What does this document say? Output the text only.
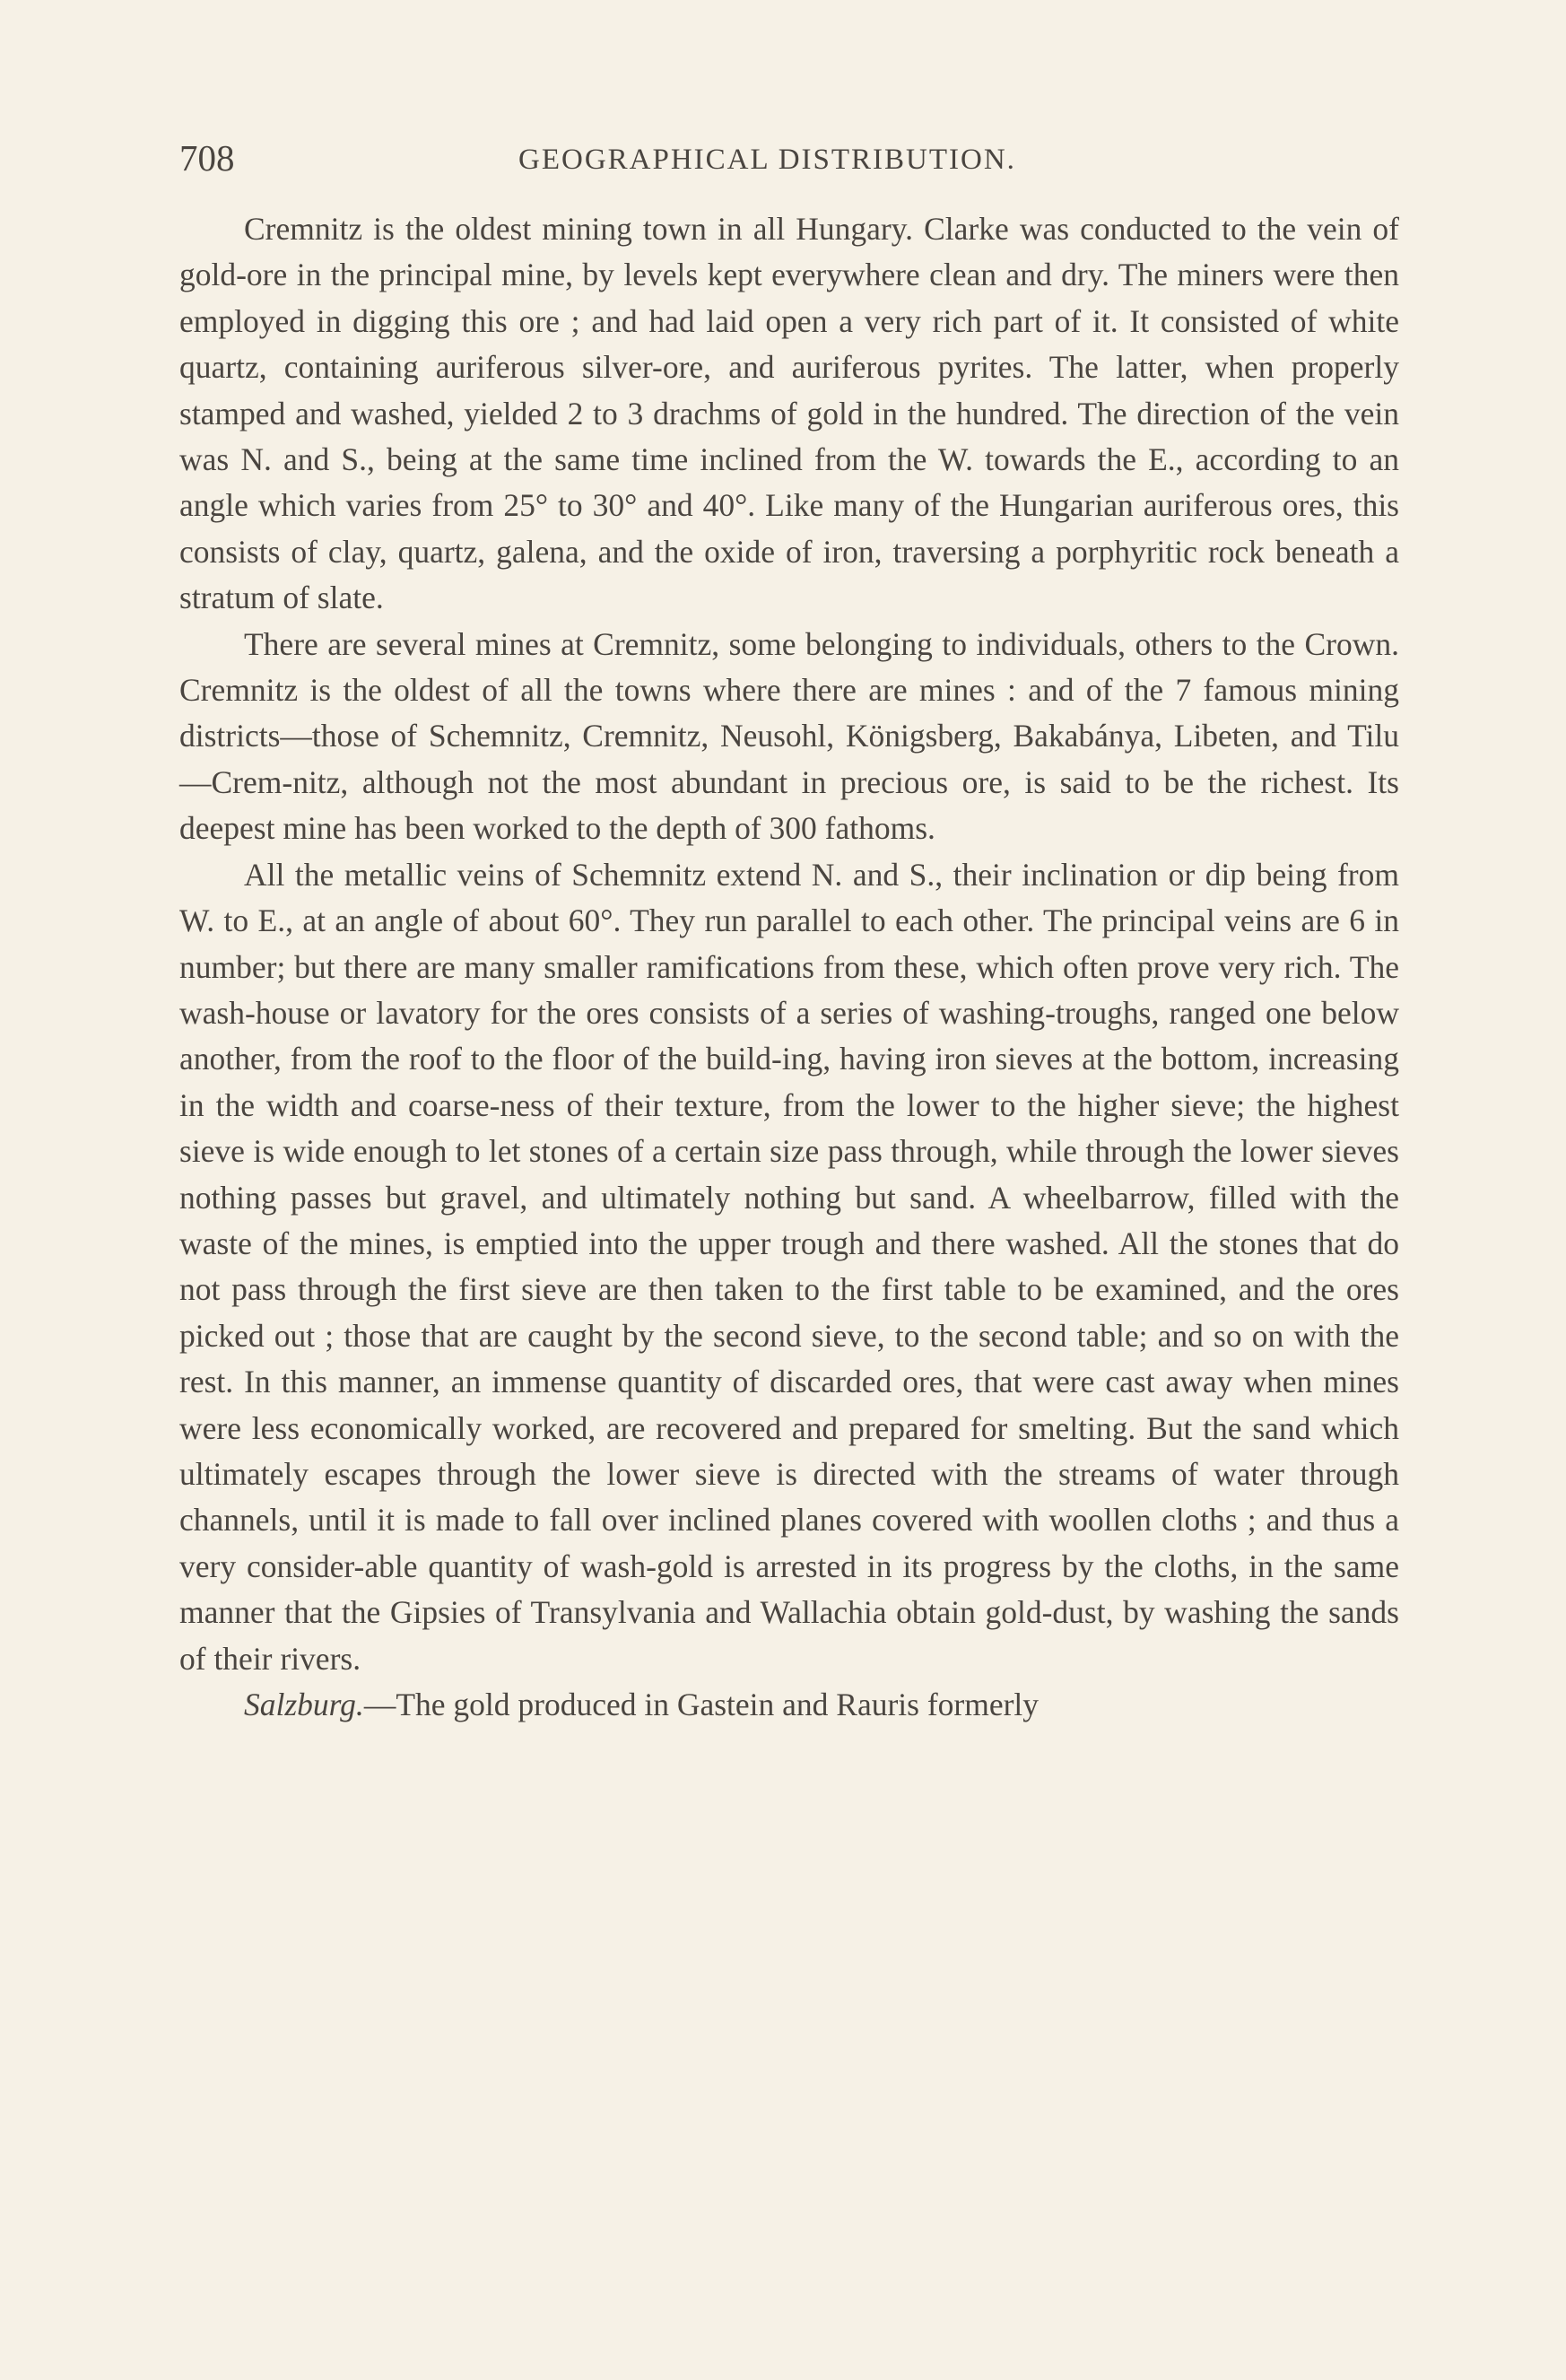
708	GEOGRAPHICAL DISTRIBUTION.

Cremnitz is the oldest mining town in all Hungary. Clarke was conducted to the vein of gold-ore in the principal mine, by levels kept everywhere clean and dry. The miners were then employed in digging this ore ; and had laid open a very rich part of it. It consisted of white quartz, containing auriferous silver-ore, and auriferous pyrites. The latter, when properly stamped and washed, yielded 2 to 3 drachms of gold in the hundred. The direction of the vein was N. and S., being at the same time inclined from the W. towards the E., according to an angle which varies from 25° to 30° and 40°. Like many of the Hungarian auriferous ores, this consists of clay, quartz, galena, and the oxide of iron, traversing a porphyritic rock beneath a stratum of slate.

There are several mines at Cremnitz, some belonging to individuals, others to the Crown. Cremnitz is the oldest of all the towns where there are mines : and of the 7 famous mining districts—those of Schemnitz, Cremnitz, Neusohl, Königsberg, Bakabánya, Libeten, and Tilu—Crem-nitz, although not the most abundant in precious ore, is said to be the richest. Its deepest mine has been worked to the depth of 300 fathoms.

All the metallic veins of Schemnitz extend N. and S., their inclination or dip being from W. to E., at an angle of about 60°. They run parallel to each other. The principal veins are 6 in number; but there are many smaller ramifications from these, which often prove very rich. The wash-house or lavatory for the ores consists of a series of washing-troughs, ranged one below another, from the roof to the floor of the build-ing, having iron sieves at the bottom, increasing in the width and coarse-ness of their texture, from the lower to the higher sieve; the highest sieve is wide enough to let stones of a certain size pass through, while through the lower sieves nothing passes but gravel, and ultimately nothing but sand. A wheelbarrow, filled with the waste of the mines, is emptied into the upper trough and there washed. All the stones that do not pass through the first sieve are then taken to the first table to be examined, and the ores picked out ; those that are caught by the second sieve, to the second table; and so on with the rest. In this manner, an immense quantity of discarded ores, that were cast away when mines were less economically worked, are recovered and prepared for smelting. But the sand which ultimately escapes through the lower sieve is directed with the streams of water through channels, until it is made to fall over inclined planes covered with woollen cloths ; and thus a very consider-able quantity of wash-gold is arrested in its progress by the cloths, in the same manner that the Gipsies of Transylvania and Wallachia obtain gold-dust, by washing the sands of their rivers.

Salzburg.—The gold produced in Gastein and Rauris formerly
